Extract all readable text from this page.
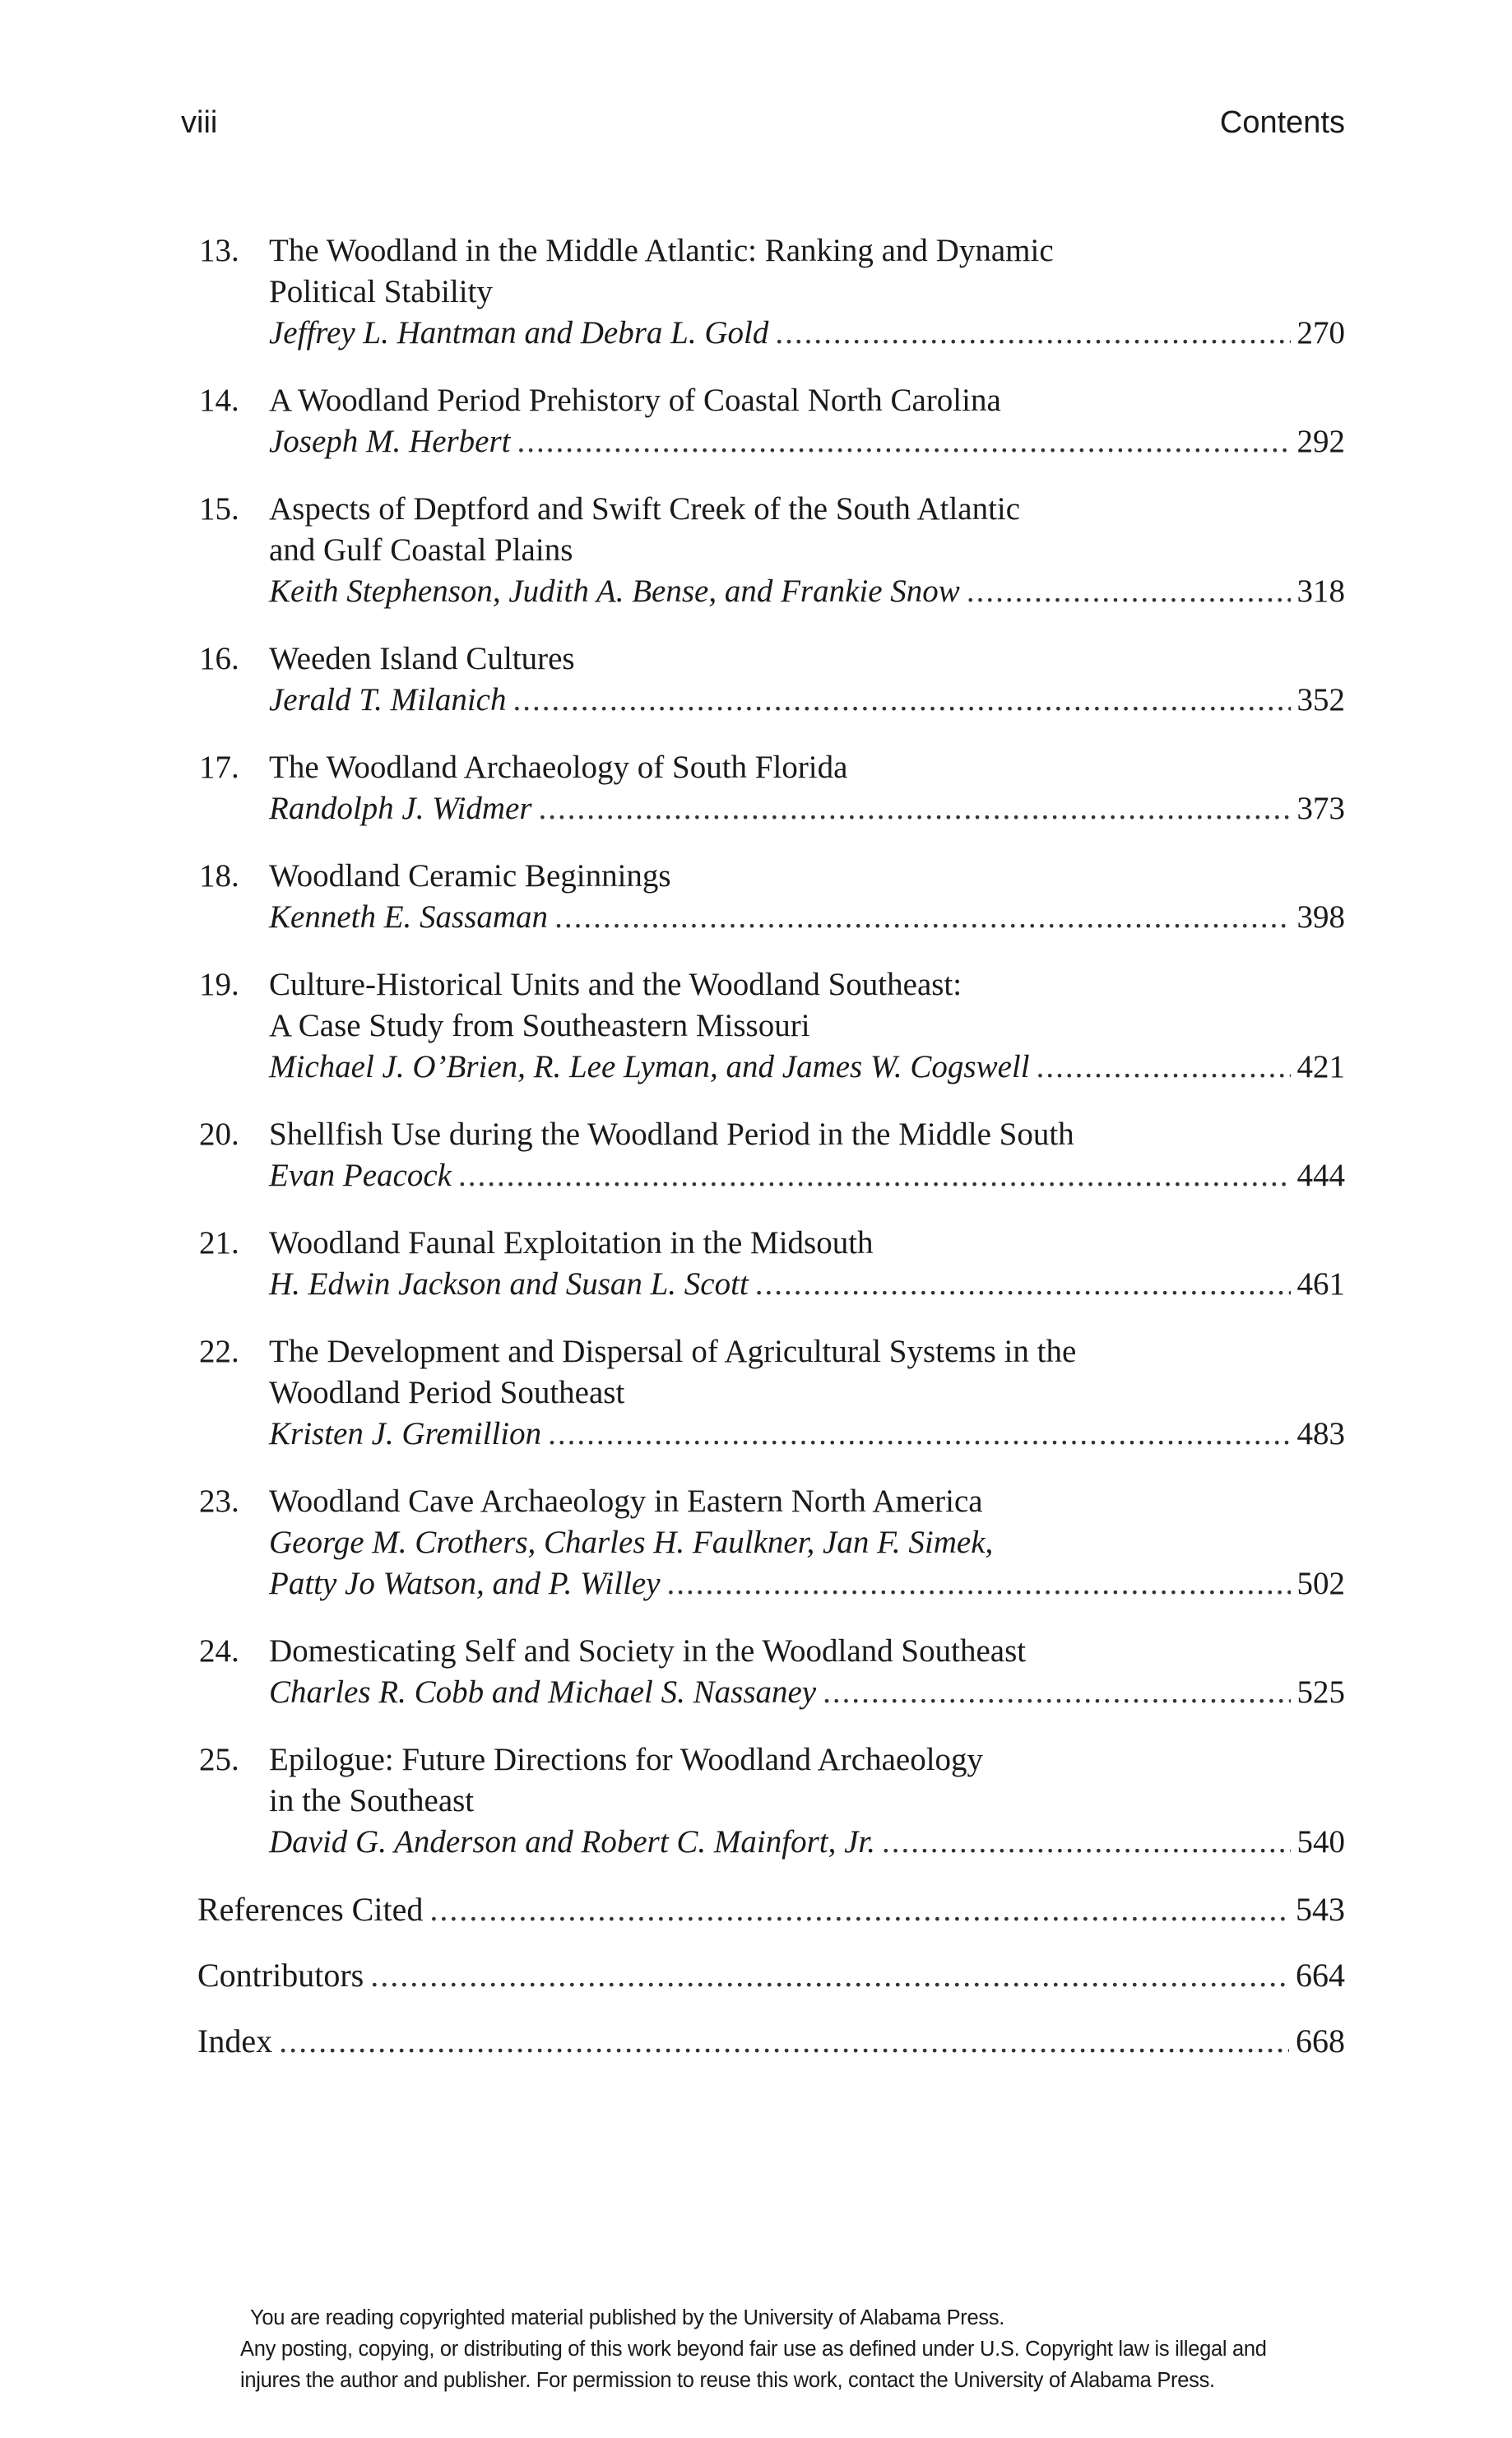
viii	Contents
13. The Woodland in the Middle Atlantic: Ranking and Dynamic
Political Stability
Jeffrey L. Hantman and Debra L. Gold .....	270
14. A Woodland Period Prehistory of Coastal North Carolina
Joseph M. Herbert .....	292
15. Aspects of Deptford and Swift Creek of the South Atlantic
and Gulf Coastal Plains
Keith Stephenson, Judith A. Bense, and Frankie Snow .....	318
16. Weeden Island Cultures
Jerald T. Milanich .....	352
17. The Woodland Archaeology of South Florida
Randolph J. Widmer .....	373
18. Woodland Ceramic Beginnings
Kenneth E. Sassaman .....	398
19. Culture-Historical Units and the Woodland Southeast:
A Case Study from Southeastern Missouri
Michael J. O’Brien, R. Lee Lyman, and James W. Cogswell .....	421
20. Shellfish Use during the Woodland Period in the Middle South
Evan Peacock .....	444
21. Woodland Faunal Exploitation in the Midsouth
H. Edwin Jackson and Susan L. Scott .....	461
22. The Development and Dispersal of Agricultural Systems in the
Woodland Period Southeast
Kristen J. Gremillion .....	483
23. Woodland Cave Archaeology in Eastern North America
George M. Crothers, Charles H. Faulkner, Jan F. Simek,
Patty Jo Watson, and P. Willey .....	502
24. Domesticating Self and Society in the Woodland Southeast
Charles R. Cobb and Michael S. Nassaney .....	525
25. Epilogue: Future Directions for Woodland Archaeology
in the Southeast
David G. Anderson and Robert C. Mainfort, Jr. .....	540
References Cited .....	543
Contributors .....	664
Index .....	668
You are reading copyrighted material published by the University of Alabama Press.
Any posting, copying, or distributing of this work beyond fair use as defined under U.S. Copyright law is illegal and
injures the author and publisher. For permission to reuse this work, contact the University of Alabama Press.
